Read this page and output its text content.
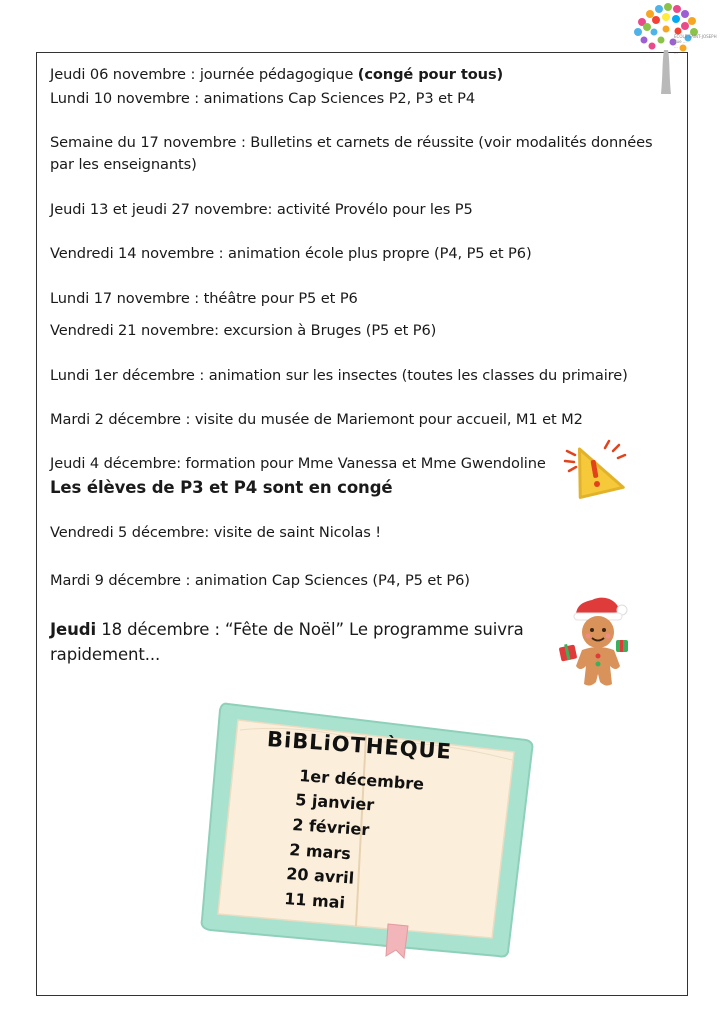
ÉCOLE SAINT-JOSEPH
Rue ...
...
...
Jeudi 06 novembre : journée pédagogique (congé pour tous)
Lundi 10 novembre : animations Cap Sciences P2, P3 et P4
Semaine du 17 novembre : Bulletins et carnets de réussite (voir modalités données
par les enseignants)
Jeudi 13 et jeudi 27 novembre: activité Provélo pour les P5
Vendredi 14 novembre : animation école plus propre (P4, P5 et P6)
Lundi 17 novembre : théâtre pour P5 et P6
Vendredi 21 novembre: excursion à Bruges (P5 et P6)
Lundi 1er décembre : animation sur les insectes (toutes les classes du primaire)
Mardi 2 décembre : visite du musée de Mariemont pour accueil, M1 et M2
Jeudi 4 décembre: formation pour Mme Vanessa et Mme Gwendoline
Les élèves de P3 et P4 sont en congé
Vendredi 5 décembre: visite de saint Nicolas !
Mardi 9 décembre : animation Cap Sciences (P4, P5 et P6)
Jeudi 18 décembre : “Fête de Noël” Le programme suivra
rapidement...
BiBLiOTHÈQUE
1er décembre
5 janvier
2 février
2 mars
20 avril
11 mai
